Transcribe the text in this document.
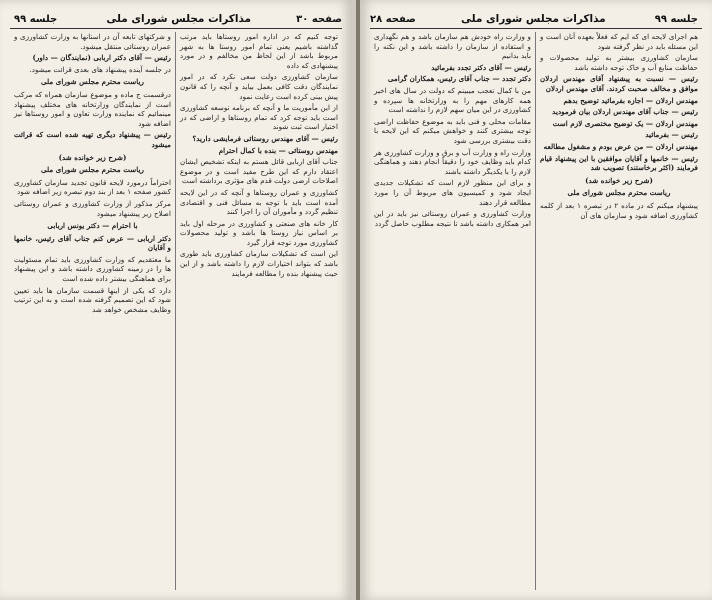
صفحه ۳۰
مذاکرات مجلس شورای ملی
جلسه ۹۹

توجه کنیم که در اداره امور روستاها باید مرتب گذاشته باشیم یعنی تمام امور روستا ها به شهر مربوط باشد از این لحاظ من مخالفم و در مورد پیشنهادی که داده

سازمان کشاورزی دولت سعی نکرد که در امور نمایندگان دقت کافی بعمل بیاید و آنچه را که قانون پیش بینی کرده است رعایت نمود

از این مأموریت ما و آنچه که برنامه توسعه کشاورزی است باید توجه کرد که تمام روستاها و اراضی که در اختیار است ثبت شوند

رئیس — آقای مهندس روستائی فرمایشی دارید؟

مهندس روستائی — بنده با کمال احترام

جناب آقای اربابی قائل هستم به اینکه تشخیص ایشان اعتقاد دارم که این طرح مفید است و در موضوع اصلاحات ارضی دولت قدم های مؤثری برداشته است

کشاورزی و عمران روستاها و آنچه که در این لایحه آمده است باید با توجه به مسائل فنی و اقتصادی تنظیم گردد و مأموران آن را اجرا کنند

کار خانه های صنعتی و کشاورزی در مرحله اول باید بر اساس نیاز روستا ها باشد و تولید محصولات کشاورزی مورد توجه قرار گیرد

این است که تشکیلات سازمان کشاورزی باید طوری باشد که بتواند اختیارات لازم را داشته باشد و از این حیث پیشنهاد بنده را مطالعه فرمایند

و شرکتهای تابعه آن در استانها به وزارت کشاورزی و عمران روستائی منتقل میشود.

رئیس — آقای دکتر اربابی (نمایندگان — داور)

در جلسه آینده پیشنهاد های بعدی قرائت میشود.

ریاست محترم مجلس شورای ملی

درقسمت ج ماده و موضوع سازمان همراه که مرکب است از نمایندگان وزارتخانه های مختلف پیشنهاد مینمائیم که نماینده وزارت تعاون و امور روستاها نیز اضافه شود

رئیس — پیشنهاد دیگری تهیه شده است که قرائت میشود

(شرح زیر خوانده شد)
ریاست محترم مجلس شورای ملی

احتراماً درمورد لایحه قانون تجدید سازمان کشاورزی کشور صفحه ۱ بعد از بند دوم تبصره زیر اضافه شود

مرکز مذکور از وزارت کشاورزی و عمران روستائی اصلاح زیر پیشنهاد میشود

با احترام — دکتر یونس اربابی

دکتر اربابی — عرض کنم جناب آقای رئیس، خانمها و آقایان

ما معتقدیم که وزارت کشاورزی باید تمام مسئولیت ها را در زمینه کشاورزی داشته باشد و این پیشنهاد برای هماهنگی بیشتر داده شده است

دارد که یکی از اینها قسمت سازمان ها باید تعیین شود که این تصمیم گرفته شده است و به این ترتیب وظایف مشخص خواهد شد

جلسه ۹۹
مذاکرات مجلس شورای ملی
صفحه ۲۸

هم اجرای لایحه ای که ایم که فعلاً بعهده آنان است و این مسئله باید در نظر گرفته شود

سازمان کشاورزی بیشتر به تولید محصولات و حفاظت منابع آب و خاک توجه داشته باشد

رئیس — نسبت به پیشنهاد آقای مهندس اردلان موافق و مخالف صحبت کردند. آقای مهندس اردلان

مهندس اردلان — اجازه بفرمائید توضیح بدهم

رئیس — جناب آقای مهندس اردلان بیان فرمودید

مهندس اردلان — یک توضیح مختصری لازم است

رئیس — بفرمائید

مهندس اردلان — من عرض بودم و مشغول مطالعه

رئیس — خانمها و آقایان موافقین با این پیشنهاد قیام فرمایند (اکثر برخاستند) تصویب شد

(شرح زیر خوانده شد)
ریاست محترم مجلس شورای ملی

پیشنهاد میکنم که در ماده ۲ در تبصره ۱ بعد از کلمه کشاورزی اضافه شود و سازمان های آن

و وزارت راه خودش هم سازمان باشد و هم نگهداری و استفاده از سازمان را داشته باشد و این نکته را باید بدانیم

رئیس — آقای دکتر تجدد بفرمائید

دکتر تجدد — جناب آقای رئیس، همکاران گرامی

من با کمال تعجب میبینم که دولت در سال های اخیر همه کارهای مهم را به وزارتخانه ها سپرده و کشاورزی در این میان سهم لازم را نداشته است

مقامات محلی و فنی باید به موضوع حفاظت اراضی توجه بیشتری کنند و خواهش میکنم که این لایحه با دقت بیشتری بررسی شود

وزارت راه و وزارت آب و برق و وزارت کشاورزی هر کدام باید وظایف خود را دقیقاً انجام دهند و هماهنگی لازم را با یکدیگر داشته باشند

و برای این منظور لازم است که تشکیلات جدیدی ایجاد شود و کمیسیون های مربوط آن را مورد مطالعه قرار دهند

وزارت کشاورزی و عمران روستائی نیز باید در این امر همکاری داشته باشد تا نتیجه مطلوب حاصل گردد
